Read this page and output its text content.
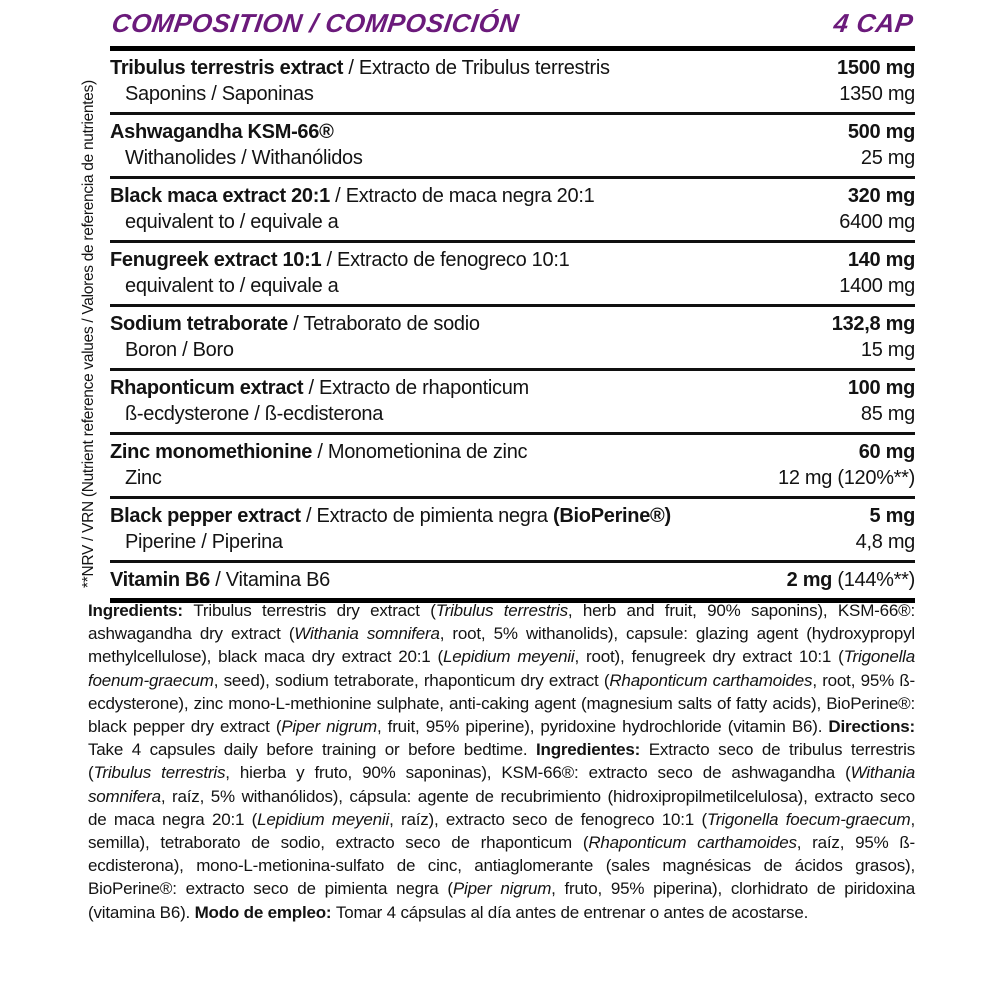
**NRV / VRN (Nutrient reference values / Valores de referencia de nutrientes)
COMPOSITION / COMPOSICIÓN	4 CAP
Tribulus terrestris extract / Extracto de Tribulus terrestris	1500 mg
Saponins / Saponinas	1350 mg
Ashwagandha KSM-66®	500 mg
Withanolides / Withanólidos	25 mg
Black maca extract 20:1 / Extracto de maca negra 20:1	320 mg
equivalent to / equivale a	6400 mg
Fenugreek extract 10:1 / Extracto de fenogreco 10:1	140 mg
equivalent to / equivale a	1400 mg
Sodium tetraborate / Tetraborato de sodio	132,8 mg
Boron / Boro	15 mg
Rhaponticum extract / Extracto de rhaponticum	100 mg
ß-ecdysterone / ß-ecdisterona	85 mg
Zinc monomethionine / Monometionina de zinc	60 mg
Zinc	12 mg (120%**)
Black pepper extract / Extracto de pimienta negra (BioPerine®)	5 mg
Piperine / Piperina	4,8 mg
Vitamin B6 / Vitamina B6	2 mg (144%**)
Ingredients: Tribulus terrestris dry extract (Tribulus terrestris, herb and fruit, 90% saponins), KSM-66®: ashwagandha dry extract (Withania somnifera, root, 5% withanolids), capsule: glazing agent (hydroxypropyl methylcellulose), black maca dry extract 20:1 (Lepidium meyenii, root), fenugreek dry extract 10:1 (Trigonella foenum-graecum, seed), sodium tetraborate, rhaponticum dry extract (Rhaponticum carthamoides, root, 95% ß-ecdysterone), zinc mono-L-methionine sulphate, anti-caking agent (magnesium salts of fatty acids), BioPerine®: black pepper dry extract (Piper nigrum, fruit, 95% piperine), pyridoxine hydrochloride (vitamin B6). Directions: Take 4 capsules daily before training or before bedtime. Ingredientes: Extracto seco de tribulus terrestris (Tribulus terrestris, hierba y fruto, 90% saponinas), KSM-66®: extracto seco de ashwagandha (Withania somnifera, raíz, 5% withanólidos), cápsula: agente de recubrimiento (hidroxipropilmetilcelulosa), extracto seco de maca negra 20:1 (Lepidium meyenii, raíz), extracto seco de fenogreco 10:1 (Trigonella foecum-graecum, semilla), tetraborato de sodio, extracto seco de rhaponticum (Rhaponticum carthamoides, raíz, 95% ß-ecdisterona), mono-L-metionina-sulfato de cinc, antiaglomerante (sales magnésicas de ácidos grasos), BioPerine®: extracto seco de pimienta negra (Piper nigrum, fruto, 95% piperina), clorhidrato de piridoxina (vitamina B6). Modo de empleo: Tomar 4 cápsulas al día antes de entrenar o antes de acostarse.
